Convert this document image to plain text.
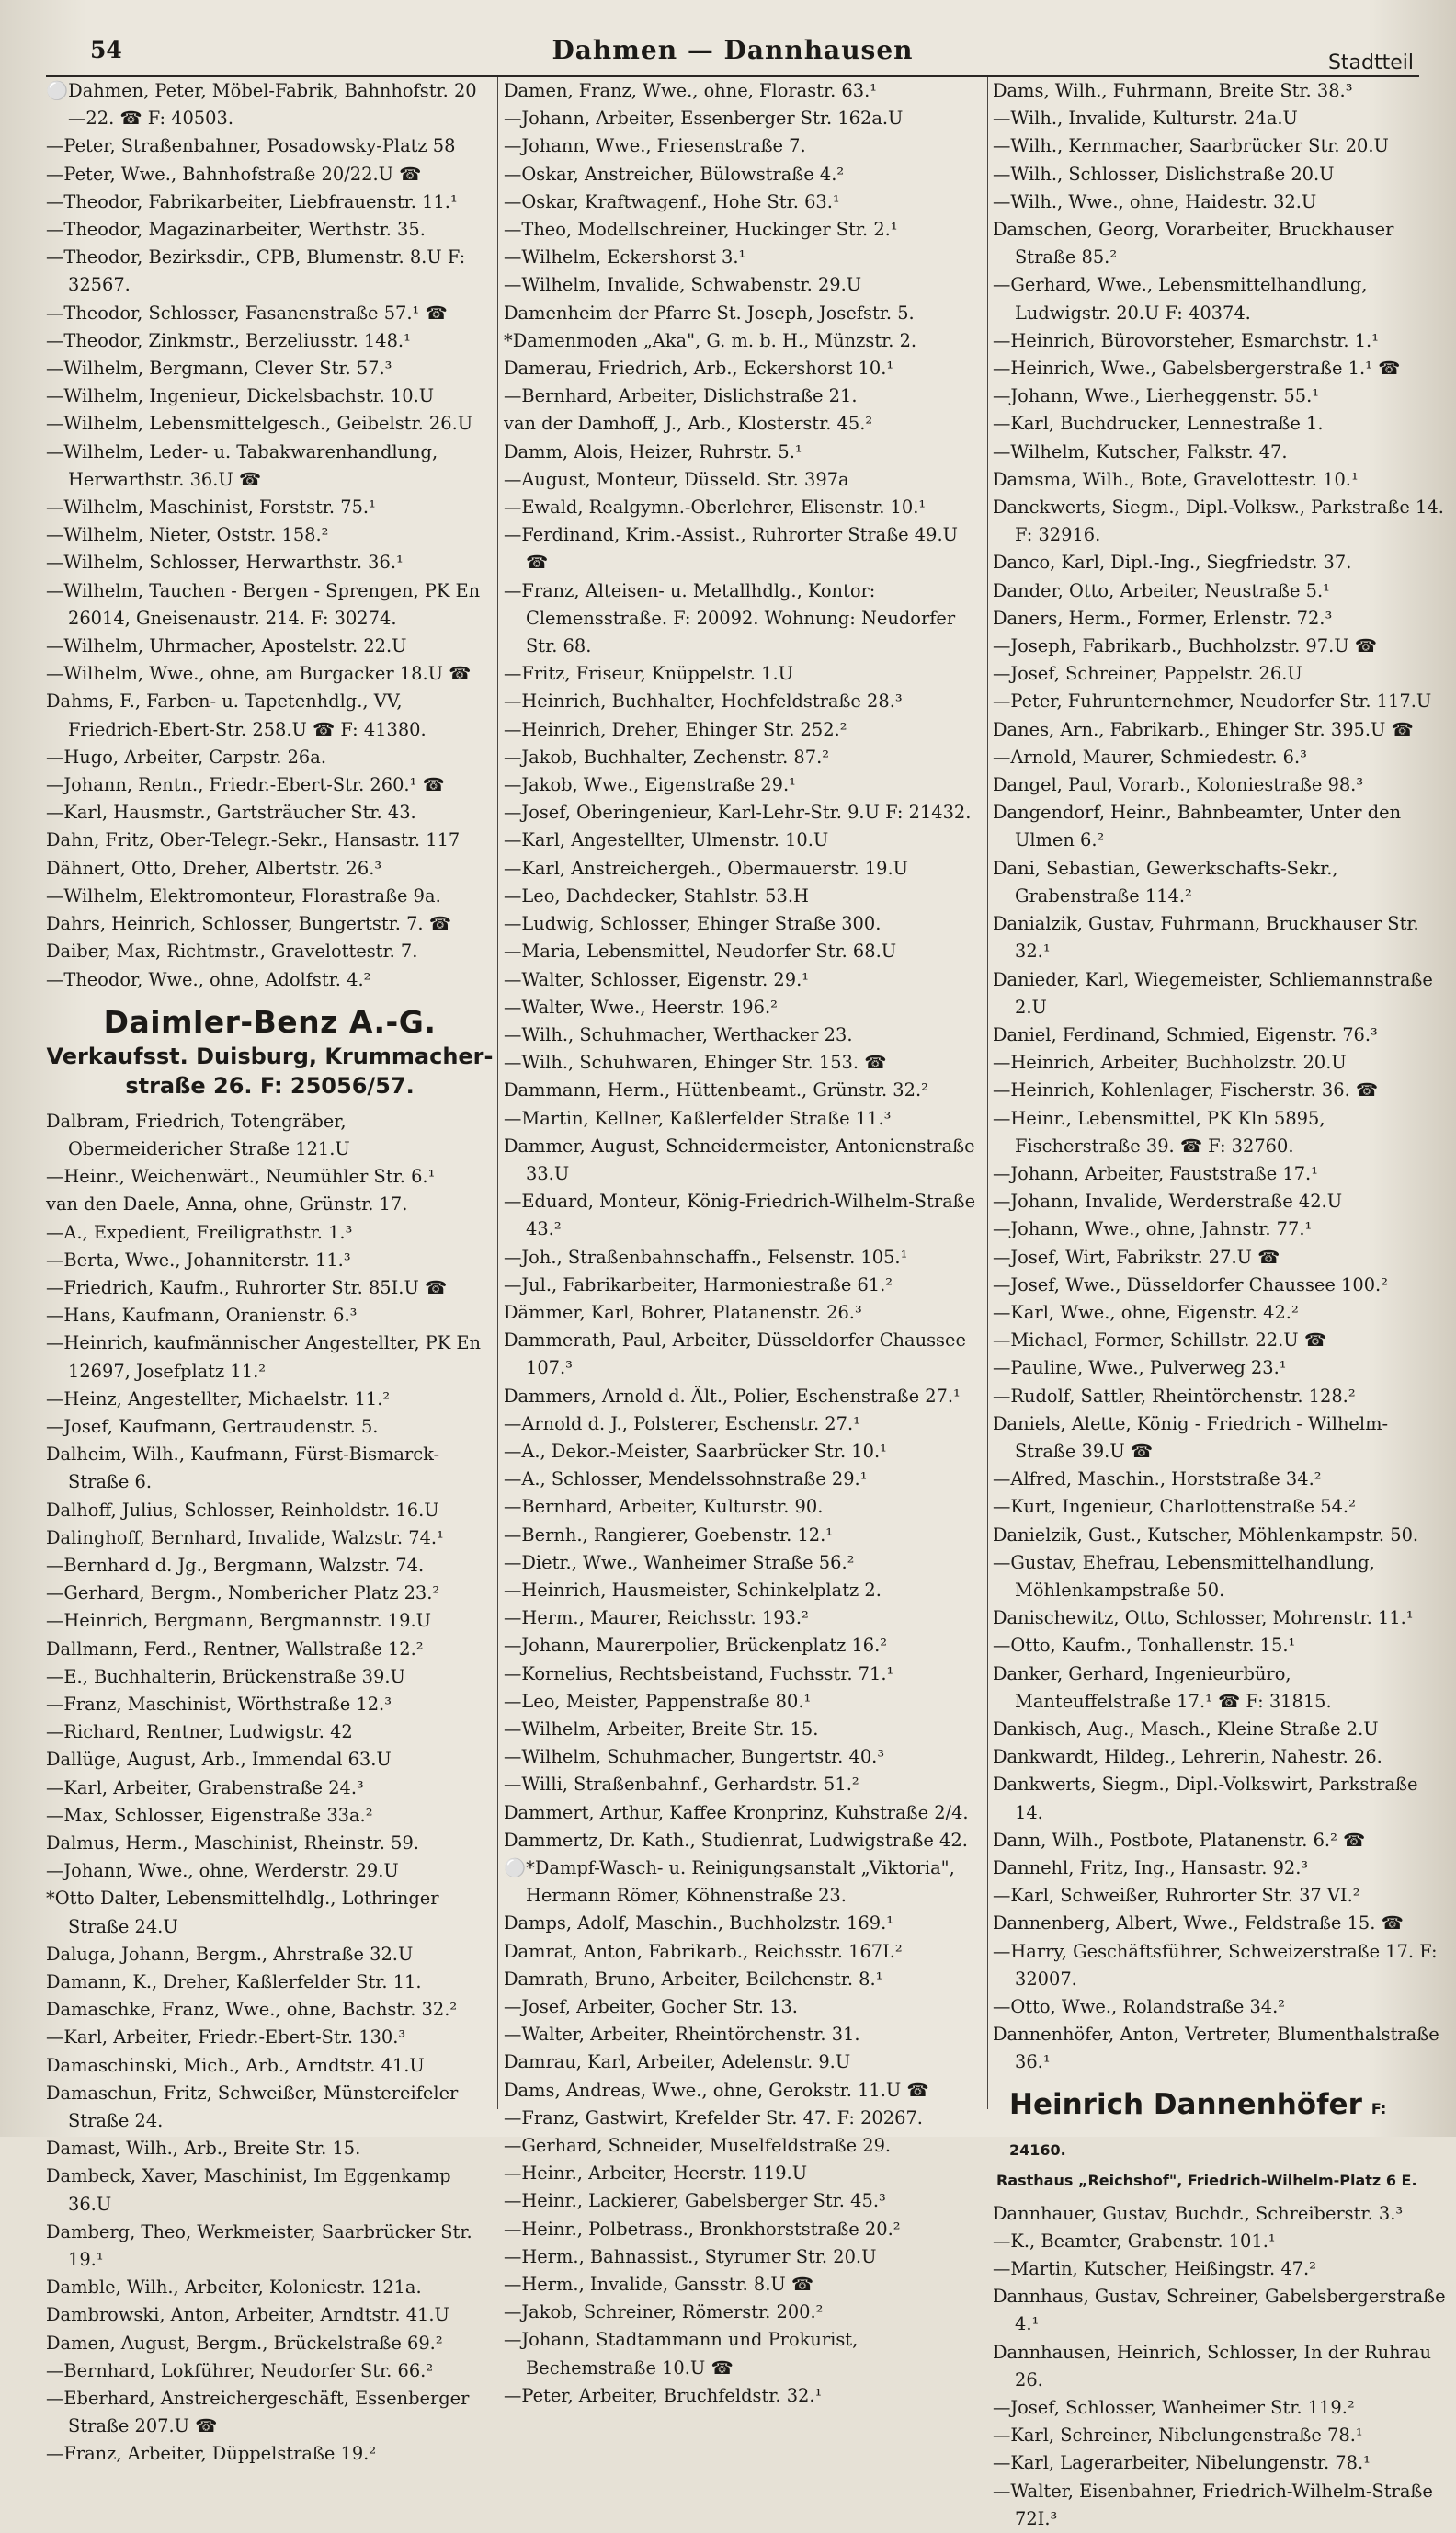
54	Dahmen — Dannhausen	Stadtteil
⚪Dahmen, Peter, Möbel-Fabrik, Bahnhofstr. 20—22. ☎ F: 40503.
—Peter, Straßenbahner, Posadowsky-Platz 58
—Peter, Wwe., Bahnhofstraße 20/22.U ☎
—Theodor, Fabrikarbeiter, Liebfrauenstr. 11.¹
—Theodor, Magazinarbeiter, Werthstr. 35.
—Theodor, Bezirksdir., CPB, Blumenstr. 8.U F: 32567.
—Theodor, Schlosser, Fasanenstraße 57.¹ ☎
—Theodor, Zinkmstr., Berzeliusstr. 148.¹
—Wilhelm, Bergmann, Clever Str. 57.³
—Wilhelm, Ingenieur, Dickelsbachstr. 10.U
—Wilhelm, Lebensmittelgesch., Geibelstr. 26.U
—Wilhelm, Leder- u. Tabakwarenhandlung, Herwarthstr. 36.U ☎
—Wilhelm, Maschinist, Forststr. 75.¹
—Wilhelm, Nieter, Oststr. 158.²
—Wilhelm, Schlosser, Herwarthstr. 36.¹
—Wilhelm, Tauchen - Bergen - Sprengen, PK En 26014, Gneisenaustr. 214. F: 30274.
—Wilhelm, Uhrmacher, Apostelstr. 22.U
—Wilhelm, Wwe., ohne, am Burgacker 18.U ☎
Dahms, F., Farben- u. Tapetenhdlg., VV, Friedrich-Ebert-Str. 258.U ☎ F: 41380.
—Hugo, Arbeiter, Carpstr. 26a.
—Johann, Rentn., Friedr.-Ebert-Str. 260.¹ ☎
—Karl, Hausmstr., Gartsträucher Str. 43.
Dahn, Fritz, Ober-Telegr.-Sekr., Hansastr. 117
Dähnert, Otto, Dreher, Albertstr. 26.³
—Wilhelm, Elektromonteur, Florastraße 9a.
Dahrs, Heinrich, Schlosser, Bungertstr. 7. ☎
Daiber, Max, Richtmstr., Gravelottestr. 7.
—Theodor, Wwe., ohne, Adolfstr. 4.²
Daimler-Benz A.-G.
Verkaufsst. Duisburg, Krummacher-
straße 26. F: 25056/57.
Dalbram, Friedrich, Totengräber, Obermeidericher Straße 121.U
—Heinr., Weichenwärt., Neumühler Str. 6.¹
van den Daele, Anna, ohne, Grünstr. 17.
—A., Expedient, Freiligrathstr. 1.³
—Berta, Wwe., Johanniterstr. 11.³
—Friedrich, Kaufm., Ruhrorter Str. 85I.U ☎
—Hans, Kaufmann, Oranienstr. 6.³
—Heinrich, kaufmännischer Angestellter, PK En 12697, Josefplatz 11.²
—Heinz, Angestellter, Michaelstr. 11.²
—Josef, Kaufmann, Gertraudenstr. 5.
Dalheim, Wilh., Kaufmann, Fürst-Bismarck-Straße 6.
Dalhoff, Julius, Schlosser, Reinholdstr. 16.U
Dalinghoff, Bernhard, Invalide, Walzstr. 74.¹
—Bernhard d. Jg., Bergmann, Walzstr. 74.
—Gerhard, Bergm., Nombericher Platz 23.²
—Heinrich, Bergmann, Bergmannstr. 19.U
Dallmann, Ferd., Rentner, Wallstraße 12.²
—E., Buchhalterin, Brückenstraße 39.U
—Franz, Maschinist, Wörthstraße 12.³
—Richard, Rentner, Ludwigstr. 42
Dallüge, August, Arb., Immendal 63.U
—Karl, Arbeiter, Grabenstraße 24.³
—Max, Schlosser, Eigenstraße 33a.²
Dalmus, Herm., Maschinist, Rheinstr. 59.
—Johann, Wwe., ohne, Werderstr. 29.U
*Otto Dalter, Lebensmittelhdlg., Lothringer Straße 24.U
Daluga, Johann, Bergm., Ahrstraße 32.U
Damann, K., Dreher, Kaßlerfelder Str. 11.
Damaschke, Franz, Wwe., ohne, Bachstr. 32.²
—Karl, Arbeiter, Friedr.-Ebert-Str. 130.³
Damaschinski, Mich., Arb., Arndtstr. 41.U
Damaschun, Fritz, Schweißer, Münstereifeler Straße 24.
Damast, Wilh., Arb., Breite Str. 15.
Dambeck, Xaver, Maschinist, Im Eggenkamp 36.U
Damberg, Theo, Werkmeister, Saarbrücker Str. 19.¹
Damble, Wilh., Arbeiter, Koloniestr. 121a.
Dambrowski, Anton, Arbeiter, Arndtstr. 41.U
Damen, August, Bergm., Brückelstraße 69.²
—Bernhard, Lokführer, Neudorfer Str. 66.²
—Eberhard, Anstreichergeschäft, Essenberger Straße 207.U ☎
—Franz, Arbeiter, Düppelstraße 19.²
Damen, Franz, Wwe., ohne, Florastr. 63.¹
—Johann, Arbeiter, Essenberger Str. 162a.U
—Johann, Wwe., Friesenstraße 7.
—Oskar, Anstreicher, Bülowstraße 4.²
—Oskar, Kraftwagenf., Hohe Str. 63.¹
—Theo, Modellschreiner, Huckinger Str. 2.¹
—Wilhelm, Eckershorst 3.¹
—Wilhelm, Invalide, Schwabenstr. 29.U
Damenheim der Pfarre St. Joseph, Josefstr. 5.
*Damenmoden „Aka", G. m. b. H., Münzstr. 2.
Damerau, Friedrich, Arb., Eckershorst 10.¹
—Bernhard, Arbeiter, Dislichstraße 21.
van der Damhoff, J., Arb., Klosterstr. 45.²
Damm, Alois, Heizer, Ruhrstr. 5.¹
—August, Monteur, Düsseld. Str. 397a
—Ewald, Realgymn.-Oberlehrer, Elisenstr. 10.¹
—Ferdinand, Krim.-Assist., Ruhrorter Straße 49.U ☎
—Franz, Alteisen- u. Metallhdlg., Kontor: Clemensstraße. F: 20092. Wohnung: Neudorfer Str. 68.
—Fritz, Friseur, Knüppelstr. 1.U
—Heinrich, Buchhalter, Hochfeldstraße 28.³
—Heinrich, Dreher, Ehinger Str. 252.²
—Jakob, Buchhalter, Zechenstr. 87.²
—Jakob, Wwe., Eigenstraße 29.¹
—Josef, Oberingenieur, Karl-Lehr-Str. 9.U F: 21432.
—Karl, Angestellter, Ulmenstr. 10.U
—Karl, Anstreichergeh., Obermauerstr. 19.U
—Leo, Dachdecker, Stahlstr. 53.H
—Ludwig, Schlosser, Ehinger Straße 300.
—Maria, Lebensmittel, Neudorfer Str. 68.U
—Walter, Schlosser, Eigenstr. 29.¹
—Walter, Wwe., Heerstr. 196.²
—Wilh., Schuhmacher, Werthacker 23.
—Wilh., Schuhwaren, Ehinger Str. 153. ☎
Dammann, Herm., Hüttenbeamt., Grünstr. 32.²
—Martin, Kellner, Kaßlerfelder Straße 11.³
Dammer, August, Schneidermeister, Antonienstraße 33.U
—Eduard, Monteur, König-Friedrich-Wilhelm-Straße 43.²
—Joh., Straßenbahnschaffn., Felsenstr. 105.¹
—Jul., Fabrikarbeiter, Harmoniestraße 61.²
Dämmer, Karl, Bohrer, Platanenstr. 26.³
Dammerath, Paul, Arbeiter, Düsseldorfer Chaussee 107.³
Dammers, Arnold d. Ält., Polier, Eschenstraße 27.¹
—Arnold d. J., Polsterer, Eschenstr. 27.¹
—A., Dekor.-Meister, Saarbrücker Str. 10.¹
—A., Schlosser, Mendelssohnstraße 29.¹
—Bernhard, Arbeiter, Kulturstr. 90.
—Bernh., Rangierer, Goebenstr. 12.¹
—Dietr., Wwe., Wanheimer Straße 56.²
—Heinrich, Hausmeister, Schinkelplatz 2.
—Herm., Maurer, Reichsstr. 193.²
—Johann, Maurerpolier, Brückenplatz 16.²
—Kornelius, Rechtsbeistand, Fuchsstr. 71.¹
—Leo, Meister, Pappenstraße 80.¹
—Wilhelm, Arbeiter, Breite Str. 15.
—Wilhelm, Schuhmacher, Bungertstr. 40.³
—Willi, Straßenbahnf., Gerhardstr. 51.²
Dammert, Arthur, Kaffee Kronprinz, Kuhstraße 2/4.
Dammertz, Dr. Kath., Studienrat, Ludwigstraße 42.
⚪*Dampf-Wasch- u. Reinigungsanstalt „Viktoria", Hermann Römer, Köhnenstraße 23.
Damps, Adolf, Maschin., Buchholzstr. 169.¹
Damrat, Anton, Fabrikarb., Reichsstr. 167I.²
Damrath, Bruno, Arbeiter, Beilchenstr. 8.¹
—Josef, Arbeiter, Gocher Str. 13.
—Walter, Arbeiter, Rheintörchenstr. 31.
Damrau, Karl, Arbeiter, Adelenstr. 9.U
Dams, Andreas, Wwe., ohne, Gerokstr. 11.U ☎
—Franz, Gastwirt, Krefelder Str. 47. F: 20267.
—Gerhard, Schneider, Muselfeldstraße 29.
—Heinr., Arbeiter, Heerstr. 119.U
—Heinr., Lackierer, Gabelsberger Str. 45.³
—Heinr., Polbetrass., Bronkhorststraße 20.²
—Herm., Bahnassist., Styrumer Str. 20.U
—Herm., Invalide, Gansstr. 8.U ☎
—Jakob, Schreiner, Römerstr. 200.²
—Johann, Stadtammann und Prokurist, Bechemstraße 10.U ☎
—Peter, Arbeiter, Bruchfeldstr. 32.¹
Dams, Wilh., Fuhrmann, Breite Str. 38.³
—Wilh., Invalide, Kulturstr. 24a.U
—Wilh., Kernmacher, Saarbrücker Str. 20.U
—Wilh., Schlosser, Dislichstraße 20.U
—Wilh., Wwe., ohne, Haidestr. 32.U
Damschen, Georg, Vorarbeiter, Bruckhauser Straße 85.²
—Gerhard, Wwe., Lebensmittelhandlung, Ludwigstr. 20.U F: 40374.
—Heinrich, Bürovorsteher, Esmarchstr. 1.¹
—Heinrich, Wwe., Gabelsbergerstraße 1.¹ ☎
—Johann, Wwe., Lierheggenstr. 55.¹
—Karl, Buchdrucker, Lennestraße 1.
—Wilhelm, Kutscher, Falkstr. 47.
Damsma, Wilh., Bote, Gravelottestr. 10.¹
Danckwerts, Siegm., Dipl.-Volksw., Parkstraße 14. F: 32916.
Danco, Karl, Dipl.-Ing., Siegfriedstr. 37.
Dander, Otto, Arbeiter, Neustraße 5.¹
Daners, Herm., Former, Erlenstr. 72.³
—Joseph, Fabrikarb., Buchholzstr. 97.U ☎
—Josef, Schreiner, Pappelstr. 26.U
—Peter, Fuhrunternehmer, Neudorfer Str. 117.U
Danes, Arn., Fabrikarb., Ehinger Str. 395.U ☎
—Arnold, Maurer, Schmiedestr. 6.³
Dangel, Paul, Vorarb., Koloniestraße 98.³
Dangendorf, Heinr., Bahnbeamter, Unter den Ulmen 6.²
Dani, Sebastian, Gewerkschafts-Sekr., Grabenstraße 114.²
Danialzik, Gustav, Fuhrmann, Bruckhauser Str. 32.¹
Danieder, Karl, Wiegemeister, Schliemannstraße 2.U
Daniel, Ferdinand, Schmied, Eigenstr. 76.³
—Heinrich, Arbeiter, Buchholzstr. 20.U
—Heinrich, Kohlenlager, Fischerstr. 36. ☎
—Heinr., Lebensmittel, PK Kln 5895, Fischerstraße 39. ☎ F: 32760.
—Johann, Arbeiter, Fauststraße 17.¹
—Johann, Invalide, Werderstraße 42.U
—Johann, Wwe., ohne, Jahnstr. 77.¹
—Josef, Wirt, Fabrikstr. 27.U ☎
—Josef, Wwe., Düsseldorfer Chaussee 100.²
—Karl, Wwe., ohne, Eigenstr. 42.²
—Michael, Former, Schillstr. 22.U ☎
—Pauline, Wwe., Pulverweg 23.¹
—Rudolf, Sattler, Rheintörchenstr. 128.²
Daniels, Alette, König - Friedrich - Wilhelm-Straße 39.U ☎
—Alfred, Maschin., Horststraße 34.²
—Kurt, Ingenieur, Charlottenstraße 54.²
Danielzik, Gust., Kutscher, Möhlenkampstr. 50.
—Gustav, Ehefrau, Lebensmittelhandlung, Möhlenkampstraße 50.
Danischewitz, Otto, Schlosser, Mohrenstr. 11.¹
—Otto, Kaufm., Tonhallenstr. 15.¹
Danker, Gerhard, Ingenieurbüro, Manteuffelstraße 17.¹ ☎ F: 31815.
Dankisch, Aug., Masch., Kleine Straße 2.U
Dankwardt, Hildeg., Lehrerin, Nahestr. 26.
Dankwerts, Siegm., Dipl.-Volkswirt, Parkstraße 14.
Dann, Wilh., Postbote, Platanenstr. 6.² ☎
Dannehl, Fritz, Ing., Hansastr. 92.³
—Karl, Schweißer, Ruhrorter Str. 37 VI.²
Dannenberg, Albert, Wwe., Feldstraße 15. ☎
—Harry, Geschäftsführer, Schweizerstraße 17. F: 32007.
—Otto, Wwe., Rolandstraße 34.²
Dannenhöfer, Anton, Vertreter, Blumenthalstraße 36.¹
Heinrich Dannenhöfer F: 24160.
Rasthaus „Reichshof", Friedrich-Wilhelm-Platz 6 E.
Dannhauer, Gustav, Buchdr., Schreiberstr. 3.³
—K., Beamter, Grabenstr. 101.¹
—Martin, Kutscher, Heißingstr. 47.²
Dannhaus, Gustav, Schreiner, Gabelsbergerstraße 4.¹
Dannhausen, Heinrich, Schlosser, In der Ruhrau 26.
—Josef, Schlosser, Wanheimer Str. 119.²
—Karl, Schreiner, Nibelungenstraße 78.¹
—Karl, Lagerarbeiter, Nibelungenstr. 78.¹
—Walter, Eisenbahner, Friedrich-Wilhelm-Straße 72I.³
